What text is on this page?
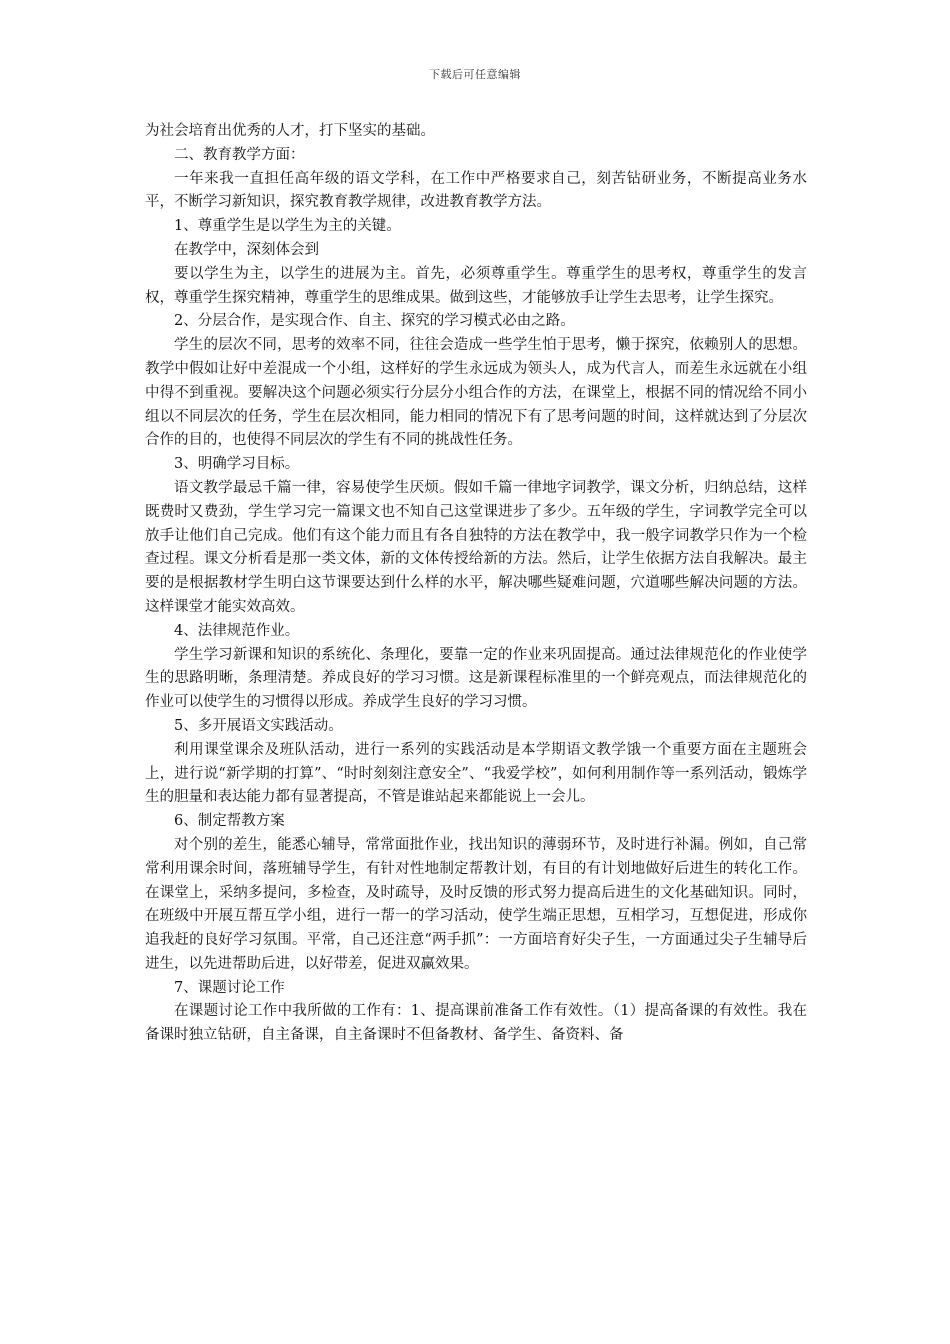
下载后可任意编辑

为社会培育出优秀的人才，打下坚实的基础。

二、教育教学方面：

一年来我一直担任高年级的语文学科，在工作中严格要求自己，刻苦钻研业务，不断提高业务水平，不断学习新知识，探究教育教学规律，改进教育教学方法。

1、尊重学生是以学生为主的关键。

在教学中，深刻体会到

要以学生为主，以学生的进展为主。首先，必须尊重学生。尊重学生的思考权，尊重学生的发言权，尊重学生探究精神，尊重学生的思维成果。做到这些，才能够放手让学生去思考，让学生探究。

2、分层合作，是实现合作、自主、探究的学习模式必由之路。

学生的层次不同，思考的效率不同，往往会造成一些学生怕于思考，懒于探究，依赖别人的思想。教学中假如让好中差混成一个小组，这样好的学生永远成为领头人，成为代言人，而差生永远就在小组中得不到重视。要解决这个问题必须实行分层分小组合作的方法，在课堂上，根据不同的情况给不同小组以不同层次的任务，学生在层次相同，能力相同的情况下有了思考问题的时间，这样就达到了分层次合作的目的，也使得不同层次的学生有不同的挑战性任务。

3、明确学习目标。

语文教学最忌千篇一律，容易使学生厌烦。假如千篇一律地字词教学，课文分析，归纳总结，这样既费时又费劲，学生学习完一篇课文也不知自己这堂课进步了多少。五年级的学生，字词教学完全可以放手让他们自己完成。他们有这个能力而且有各自独特的方法在教学中，我一般字词教学只作为一个检查过程。课文分析看是那一类文体，新的文体传授给新的方法。然后，让学生依据方法自我解决。最主要的是根据教材学生明白这节课要达到什么样的水平，解决哪些疑难问题，穴道哪些解决问题的方法。这样课堂才能实效高效。

4、法律规范作业。

学生学习新课和知识的系统化、条理化，要靠一定的作业来巩固提高。通过法律规范化的作业使学生的思路明晰，条理清楚。养成良好的学习习惯。这是新课程标准里的一个鲜亮观点，而法律规范化的作业可以使学生的习惯得以形成。养成学生良好的学习习惯。

5、多开展语文实践活动。

利用课堂课余及班队活动，进行一系列的实践活动是本学期语文教学饿一个重要方面在主题班会上，进行说“新学期的打算”、“时时刻刻注意安全”、“我爱学校”，如何利用制作等一系列活动，锻炼学生的胆量和表达能力都有显著提高，不管是谁站起来都能说上一会儿。

6、制定帮教方案

对个别的差生，能悉心辅导，常常面批作业，找出知识的薄弱环节，及时进行补漏。例如，自己常常利用课余时间，落班辅导学生，有针对性地制定帮教计划，有目的有计划地做好后进生的转化工作。在课堂上，采纳多提问，多检查，及时疏导，及时反馈的形式努力提高后进生的文化基础知识。同时，在班级中开展互帮互学小组，进行一帮一的学习活动，使学生端正思想，互相学习，互想促进，形成你追我赶的良好学习氛围。平常，自己还注意“两手抓”：一方面培育好尖子生，一方面通过尖子生辅导后进生，以先进帮助后进，以好带差，促进双赢效果。

7、课题讨论工作

在课题讨论工作中我所做的工作有：1、提高课前准备工作有效性。（1）提高备课的有效性。我在备课时独立钻研，自主备课，自主备课时不但备教材、备学生、备资料、备
